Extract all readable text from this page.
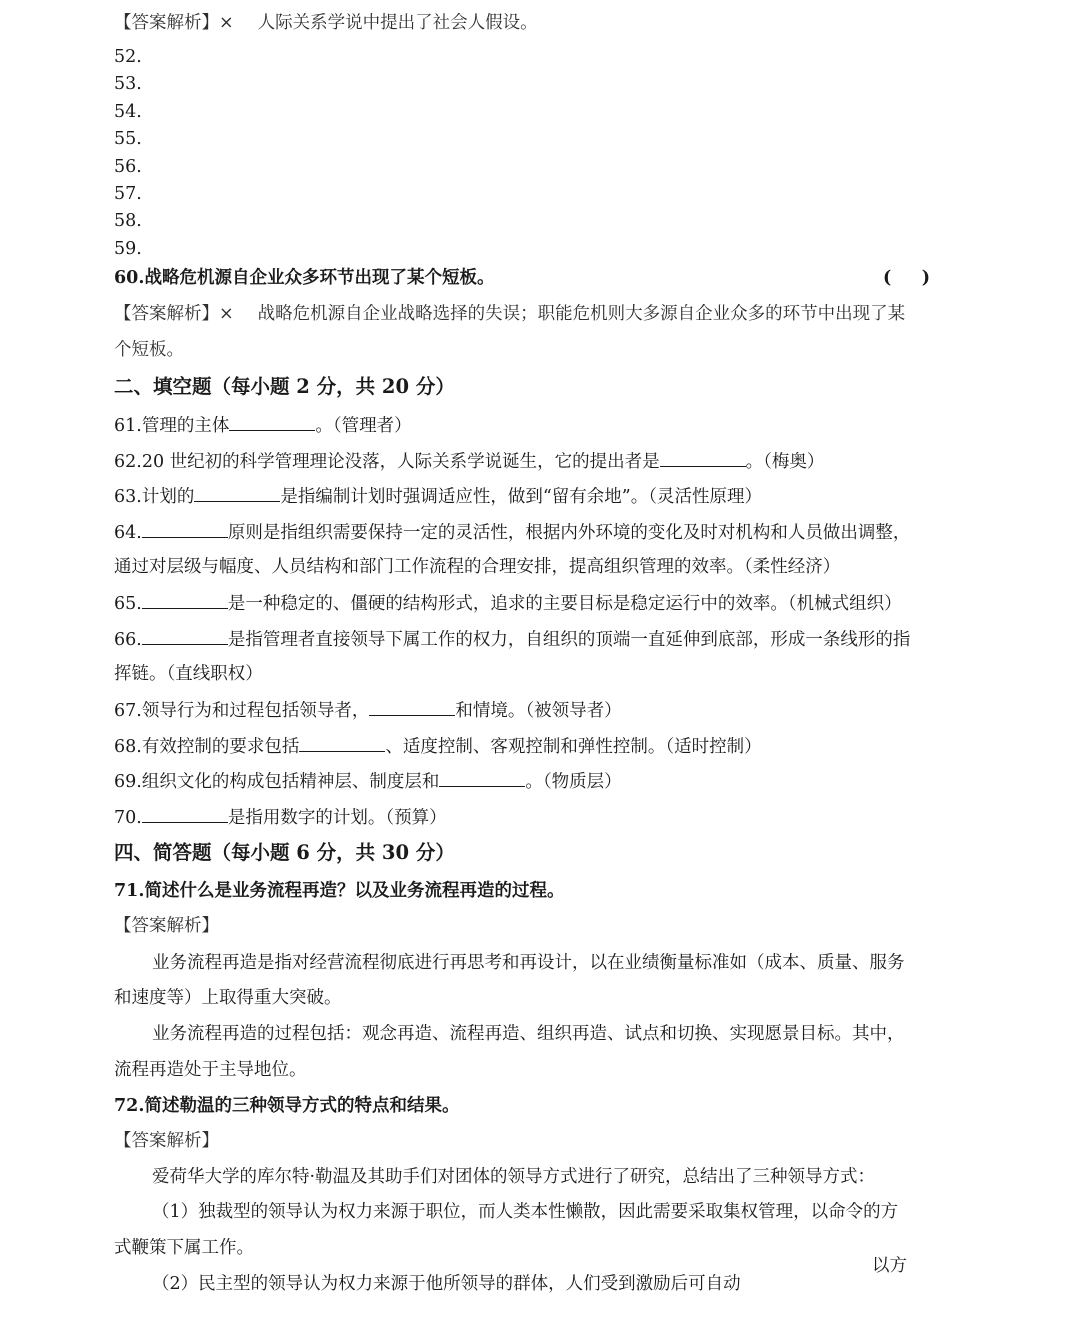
【答案解析】× 人际关系学说中提出了社会人假设。
52.
53.
54.
55.
56.
57.
58.
59.
60.战略危机源自企业众多环节出现了某个短板。	(     )
【答案解析】× 战略危机源自企业战略选择的失误；职能危机则大多源自企业众多的环节中出现了某
个短板。
二、填空题（每小题 2 分，共 20 分）
61.管理的主体	。（管理者）
62.20 世纪初的科学管理理论没落，人际关系学说诞生，它的提出者是	。（梅奥）
63.计划的	是指编制计划时强调适应性，做到“留有余地”。（灵活性原理）
64.	原则是指组织需要保持一定的灵活性，根据内外环境的变化及时对机构和人员做出调整，
通过对层级与幅度、人员结构和部门工作流程的合理安排，提高组织管理的效率。（柔性经济）
65.	是一种稳定的、僵硬的结构形式，追求的主要目标是稳定运行中的效率。（机械式组织）
66.	是指管理者直接领导下属工作的权力，自组织的顶端一直延伸到底部，形成一条线形的指
挥链。（直线职权）
67.领导行为和过程包括领导者，	和情境。（被领导者）
68.有效控制的要求包括	、适度控制、客观控制和弹性控制。（适时控制）
69.组织文化的构成包括精神层、制度层和	。（物质层）
70.	是指用数字的计划。（预算）
四、简答题（每小题 6 分，共 30 分）
71.简述什么是业务流程再造？以及业务流程再造的过程。
【答案解析】
业务流程再造是指对经营流程彻底进行再思考和再设计，以在业绩衡量标准如（成本、质量、服务
和速度等）上取得重大突破。
业务流程再造的过程包括：观念再造、流程再造、组织再造、试点和切换、实现愿景目标。其中，
流程再造处于主导地位。
72.简述勒温的三种领导方式的特点和结果。
【答案解析】
爱荷华大学的库尔特·勒温及其助手们对团体的领导方式进行了研究，总结出了三种领导方式：
（1）独裁型的领导认为权力来源于职位，而人类本性懒散，因此需要采取集权管理，以命令的方
式鞭策下属工作。
（2）民主型的领导认为权力来源于他所领导的群体，人们受到激励后可自动
以方
